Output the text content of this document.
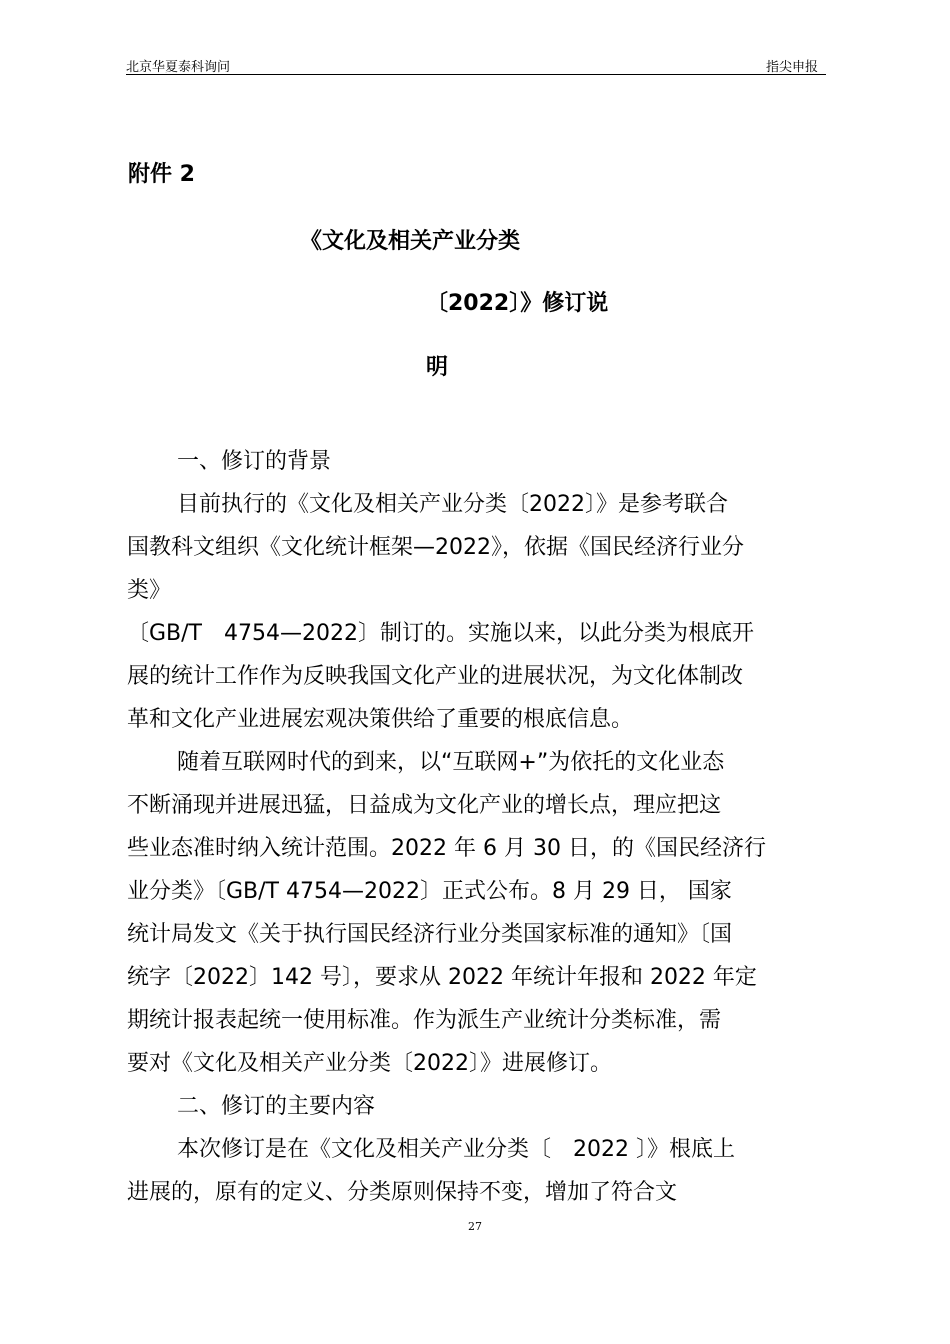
北京华夏泰科询问	指尖申报
附件 2
《文化及相关产业分类
〔2022〕》修订说
明
一、修订的背景
目前执行的《文化及相关产业分类〔2022〕》是参考联合
国教科文组织《文化统计框架—2022》，依据《国民经济行业分
类》
〔GB/T　4754—2022〕制订的。实施以来，以此分类为根底开
展的统计工作作为反映我国文化产业的进展状况，为文化体制改
革和文化产业进展宏观决策供给了重要的根底信息。
随着互联网时代的到来，以“互联网+”为依托的文化业态
不断涌现并进展迅猛，日益成为文化产业的增长点，理应把这
些业态准时纳入统计范围。2022 年 6 月 30 日，的《国民经济行
业分类》〔GB/T 4754—2022〕正式公布。8 月 29 日， 国家
统计局发文《关于执行国民经济行业分类国家标准的通知》〔国
统字〔2022〕142 号〕，要求从 2022 年统计年报和 2022 年定
期统计报表起统一使用标准。作为派生产业统计分类标准，需
要对《文化及相关产业分类〔2022〕》进展修订。
二、修订的主要内容
本次修订是在《文化及相关产业分类〔　2022 〕》根底上
进展的，原有的定义、分类原则保持不变，增加了符合文
27
